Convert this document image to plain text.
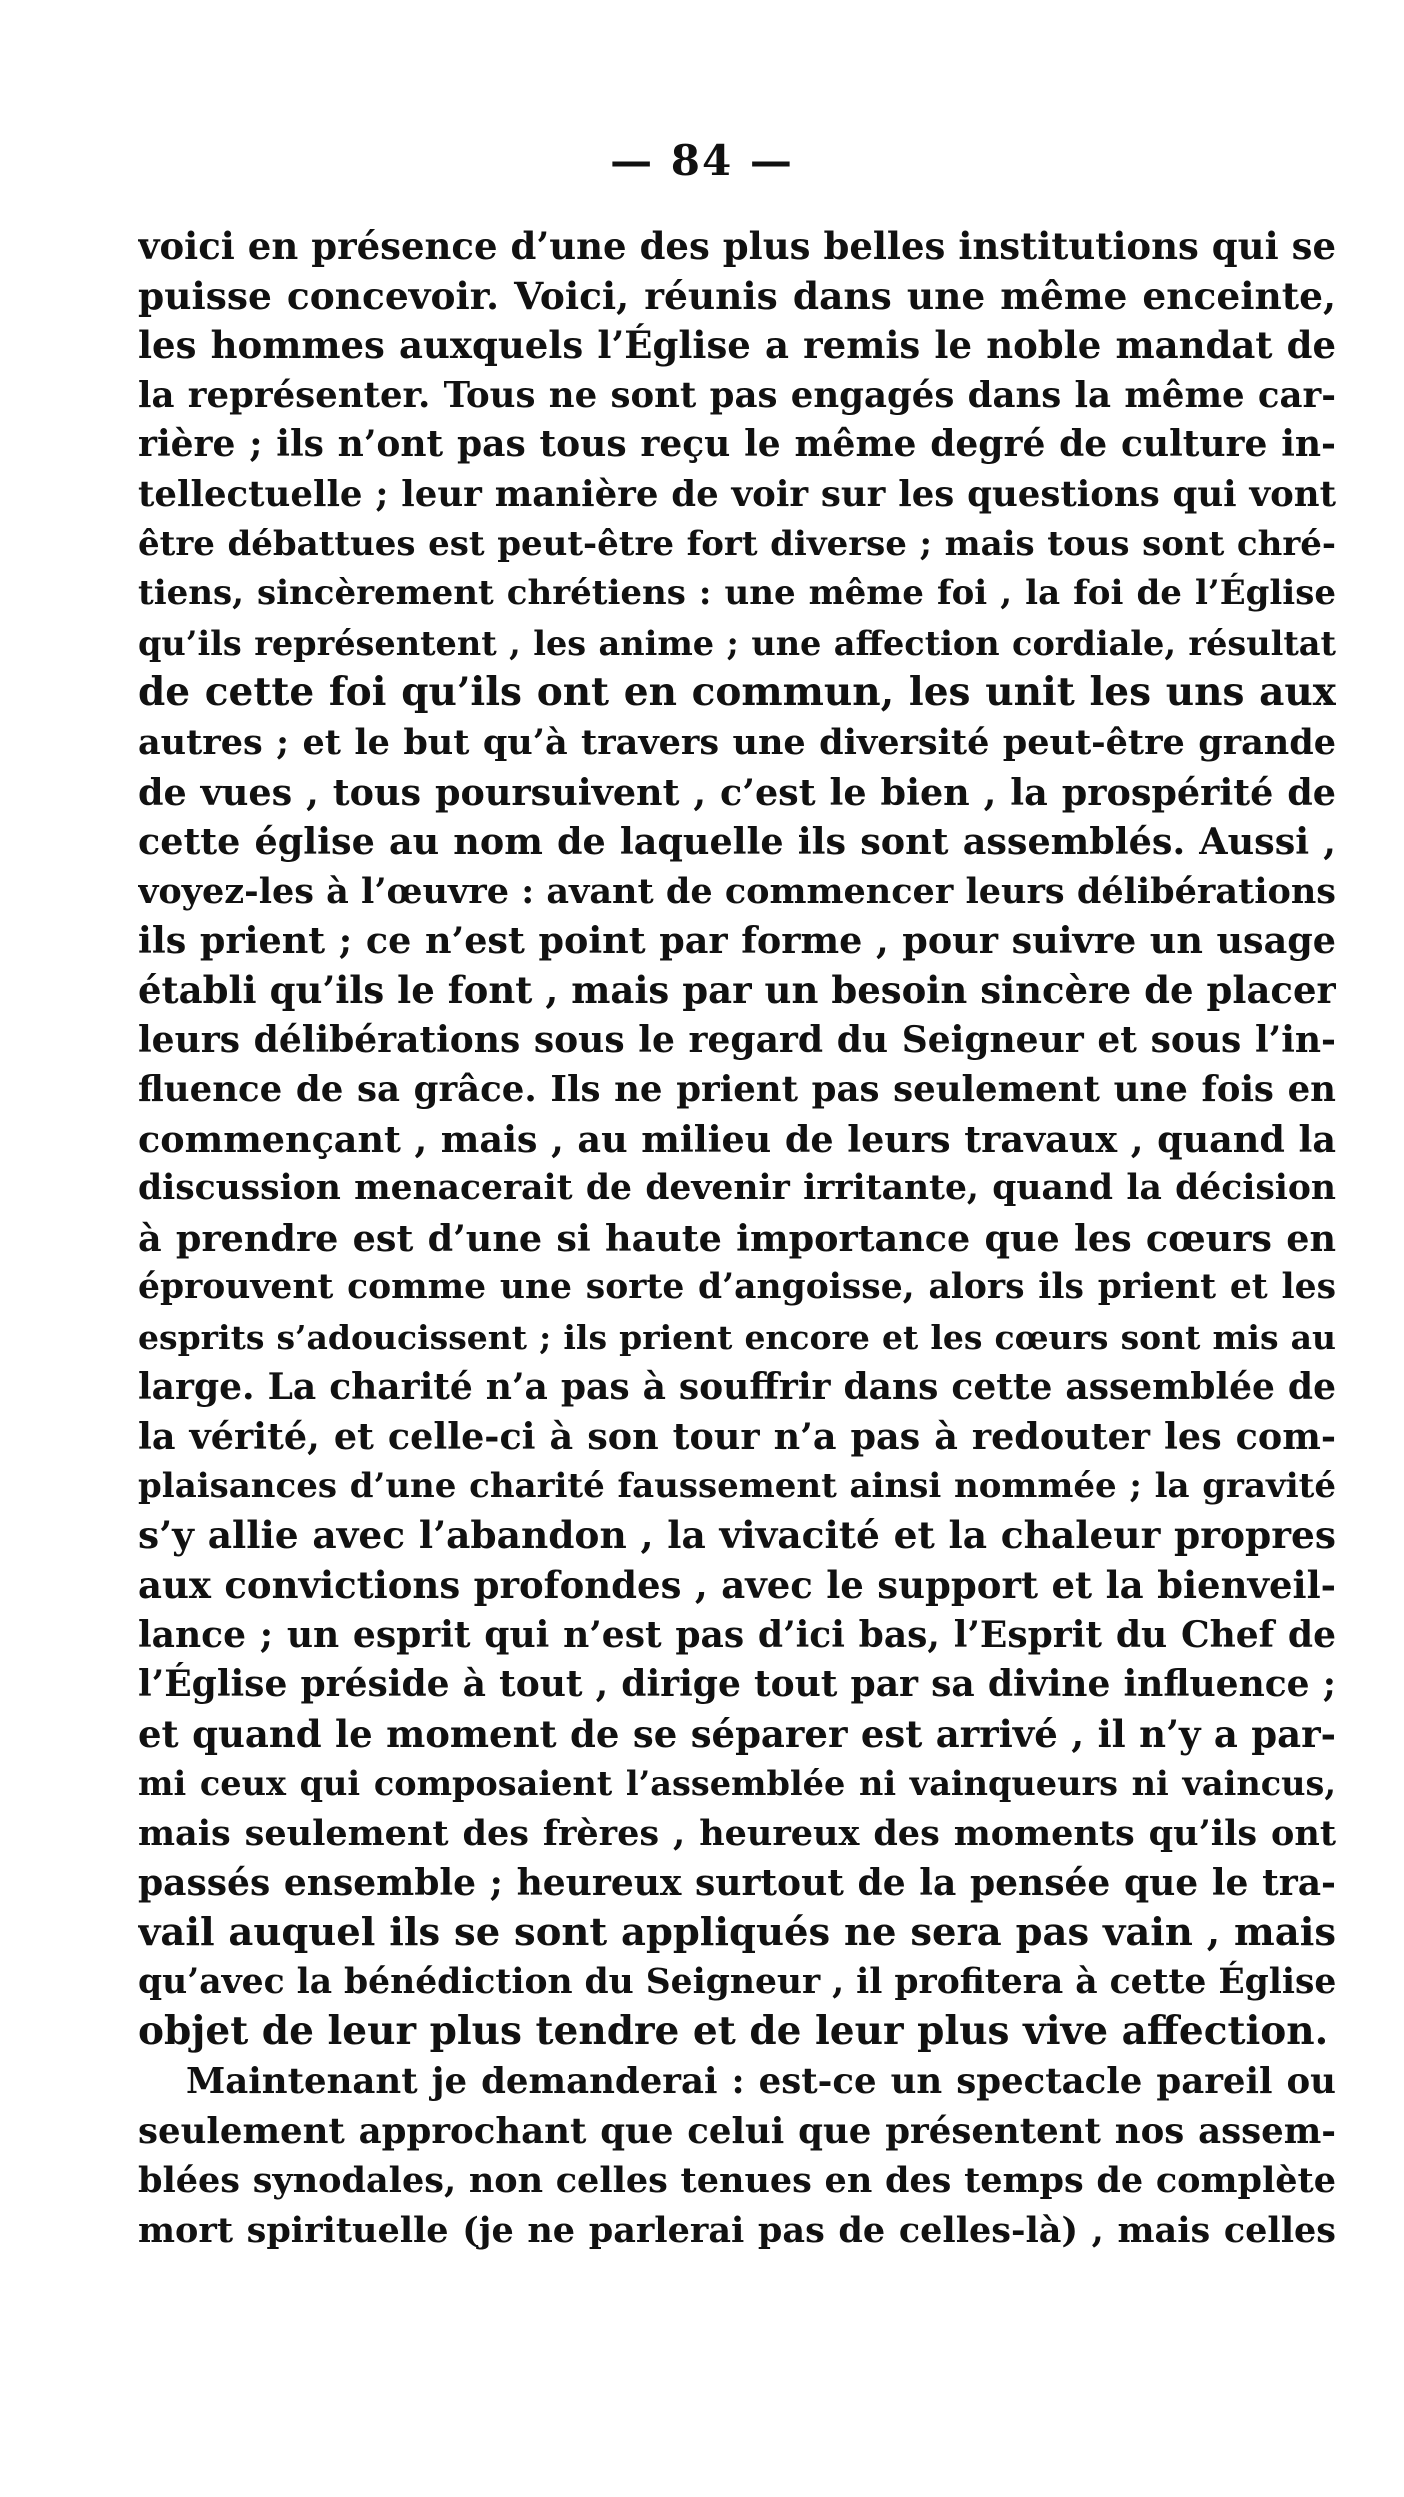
— 84 —
voici en présence d’une des plus belles institutions qui se
puisse concevoir. Voici, réunis dans une même enceinte,
les hommes auxquels l’Église a remis le noble mandat de
la représenter. Tous ne sont pas engagés dans la même car-
rière ; ils n’ont pas tous reçu le même degré de culture in-
tellectuelle ; leur manière de voir sur les questions qui vont
être débattues est peut-être fort diverse ; mais tous sont chré-
tiens, sincèrement chrétiens : une même foi , la foi de l’Église
qu’ils représentent , les anime ; une affection cordiale, résultat
de cette foi qu’ils ont en commun, les unit les uns aux
autres ; et le but qu’à travers une diversité peut-être grande
de vues , tous poursuivent , c’est le bien , la prospérité de
cette église au nom de laquelle ils sont assemblés. Aussi ,
voyez-les à l’œuvre : avant de commencer leurs délibérations
ils prient ; ce n’est point par forme , pour suivre un usage
établi qu’ils le font , mais par un besoin sincère de placer
leurs délibérations sous le regard du Seigneur et sous l’in-
fluence de sa grâce. Ils ne prient pas seulement une fois en
commençant , mais , au milieu de leurs travaux , quand la
discussion menacerait de devenir irritante, quand la décision
à prendre est d’une si haute importance que les cœurs en
éprouvent comme une sorte d’angoisse, alors ils prient et les
esprits s’adoucissent ; ils prient encore et les cœurs sont mis au
large. La charité n’a pas à souffrir dans cette assemblée de
la vérité, et celle-ci à son tour n’a pas à redouter les com-
plaisances d’une charité faussement ainsi nommée ; la gravité
s’y allie avec l’abandon , la vivacité et la chaleur propres
aux convictions profondes , avec le support et la bienveil-
lance ; un esprit qui n’est pas d’ici bas, l’Esprit du Chef de
l’Église préside à tout , dirige tout par sa divine influence ;
et quand le moment de se séparer est arrivé , il n’y a par-
mi ceux qui composaient l’assemblée ni vainqueurs ni vaincus,
mais seulement des frères , heureux des moments qu’ils ont
passés ensemble ; heureux surtout de la pensée que le tra-
vail auquel ils se sont appliqués ne sera pas vain , mais
qu’avec la bénédiction du Seigneur , il profitera à cette Église
objet de leur plus tendre et de leur plus vive affection.
Maintenant je demanderai : est-ce un spectacle pareil ou
seulement approchant que celui que présentent nos assem-
blées synodales, non celles tenues en des temps de complète
mort spirituelle (je ne parlerai pas de celles-là) , mais celles
